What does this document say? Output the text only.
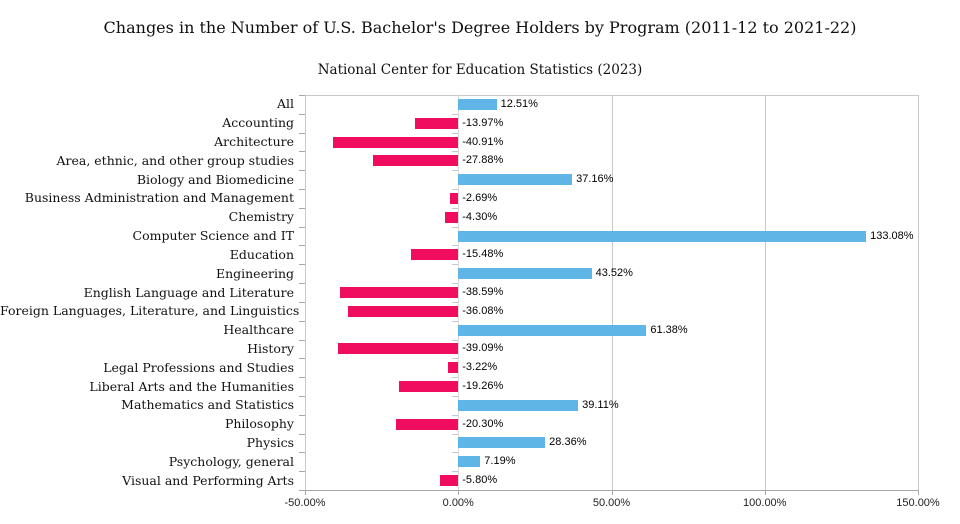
Changes in the Number of U.S. Bachelor's Degree Holders by Program (2011-12 to 2021-22)
National Center for Education Statistics (2023)
All
Accounting
Architecture
Area, ethnic, and other group studies
Biology and Biomedicine
Business Administration and Management
Chemistry
Computer Science and IT
Education
Engineering
English Language and Literature
Foreign Languages, Literature, and Linguistics
Healthcare
History
Legal Professions and Studies
Liberal Arts and the Humanities
Mathematics and Statistics
Philosophy
Physics
Psychology, general
Visual and Performing Arts
12.51%
-13.97%
-40.91%
-27.88%
37.16%
-2.69%
-4.30%
133.08%
-15.48%
43.52%
-38.59%
-36.08%
61.38%
-39.09%
-3.22%
-19.26%
39.11%
-20.30%
28.36%
7.19%
-5.80%
-50.00%	0.00%	50.00%	100.00%	150.00%
